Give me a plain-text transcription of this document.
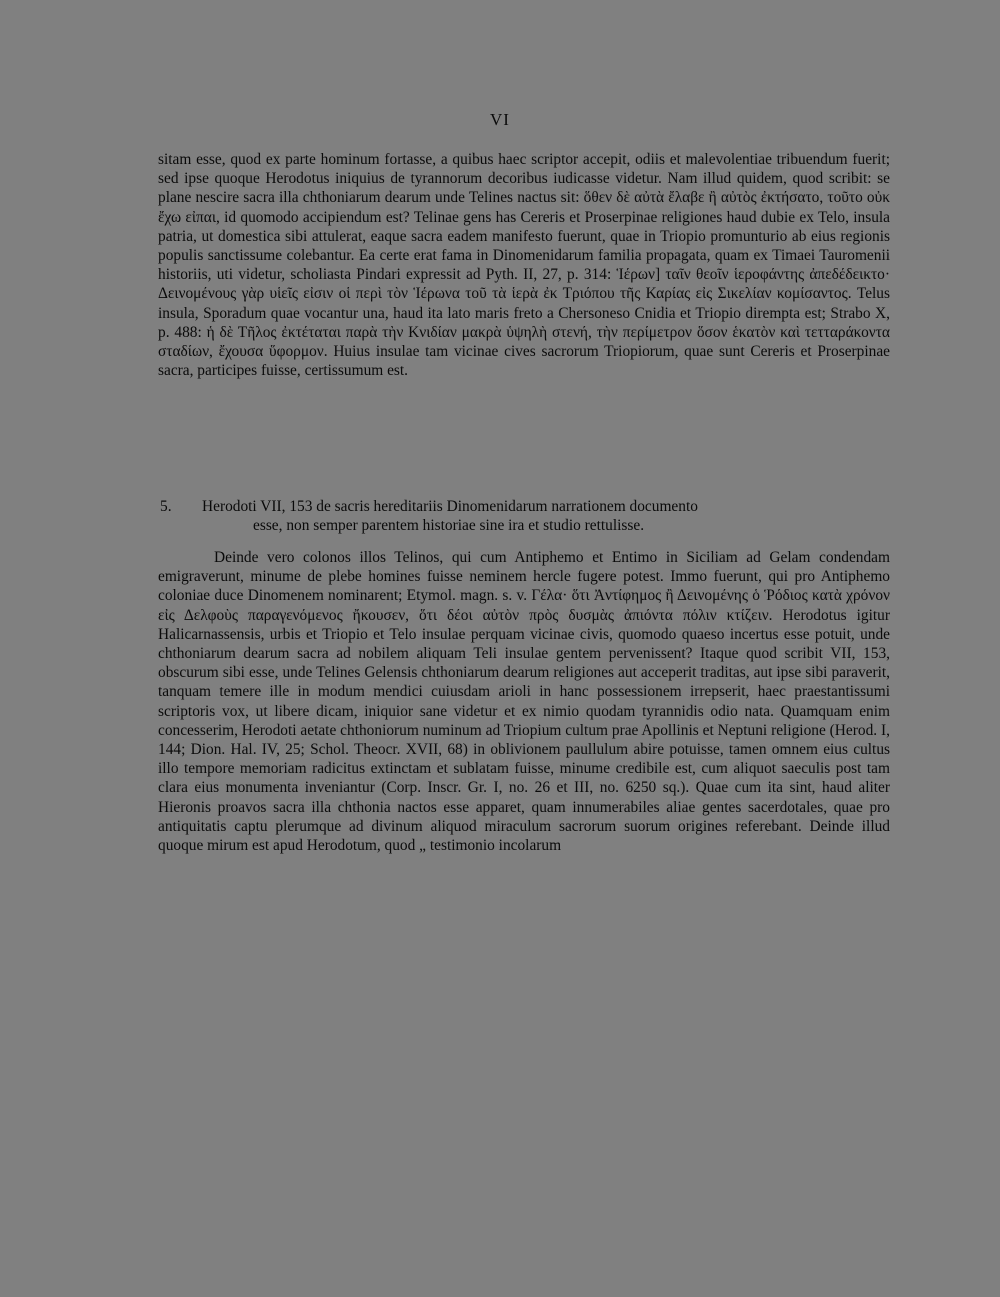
VI

sitam esse, quod ex parte hominum fortasse, a quibus haec scriptor accepit, odiis et malevolentiae tribuendum fuerit; sed ipse quoque Herodotus iniquius de tyrannorum decoribus iudicasse videtur. Nam illud quidem, quod scribit: se plane nescire sacra illa chthoniarum dearum unde Telines nactus sit: ὅθεν δὲ αὐτὰ ἔλαβε ἢ αὐτὸς ἐκτήσατο, τοῦτο οὐκ ἔχω εἰπαι, id quomodo accipiendum est? Telinae gens has Cereris et Proserpinae religiones haud dubie ex Telo, insula patria, ut domestica sibi attulerat, eaque sacra eadem manifesto fuerunt, quae in Triopio promunturio ab eius regionis populis sanctissume colebantur. Ea certe erat fama in Dinomenidarum familia propagata, quam ex Timaei Tauromenii historiis, uti videtur, scholiasta Pindari expressit ad Pyth. II, 27, p. 314: Ἱέρων] ταῖν θεοῖν ἱεροφάντης ἀπεδέδεικτο· Δεινομένους γὰρ υἱεῖς εἰσιν οἱ περὶ τὸν Ἱέρωνα τοῦ τὰ ἱερὰ ἐκ Τριόπου τῆς Καρίας εἰς Σικελίαν κομίσαντος. Telus insula, Sporadum quae vocantur una, haud ita lato maris freto a Chersoneso Cnidia et Triopio dirempta est; Strabo X, p. 488: ἡ δὲ Τῆλος ἐκτέταται παρὰ τὴν Κνιδίαν μακρὰ ὑψηλὴ στενή, τὴν περίμετρον ὅσον ἑκατὸν καὶ τετταράκοντα σταδίων, ἔχουσα ὕφορμον. Huius insulae tam vicinae cives sacrorum Triopiorum, quae sunt Cereris et Proserpinae sacra, participes fuisse, certissumum est.

5. Herodoti VII, 153 de sacris hereditariis Dinomenidarum narrationem documento
esse, non semper parentem historiae sine ira et studio rettulisse.

Deinde vero colonos illos Telinos, qui cum Antiphemo et Entimo in Siciliam ad Gelam condendam emigraverunt, minume de plebe homines fuisse neminem hercle fugere potest. Immo fuerunt, qui pro Antiphemo coloniae duce Dinomenem nominarent; Etymol. magn. s. v. Γέλα· ὅτι Ἀντίφημος ἢ Δεινομένης ὁ Ῥόδιος κατὰ χρόνον εἰς Δελφοὺς παραγενόμενος ἤκουσεν, ὅτι δέοι αὐτὸν πρὸς δυσμὰς ἀπιόντα πόλιν κτίζειν. Herodotus igitur Halicarnassensis, urbis et Triopio et Telo insulae perquam vicinae civis, quomodo quaeso incertus esse potuit, unde chthoniarum dearum sacra ad nobilem aliquam Teli insulae gentem pervenissent? Itaque quod scribit VII, 153, obscurum sibi esse, unde Telines Gelensis chthoniarum dearum religiones aut acceperit traditas, aut ipse sibi paraverit, tanquam temere ille in modum mendici cuiusdam arioli in hanc possessionem irrepserit, haec praestantissumi scriptoris vox, ut libere dicam, iniquior sane videtur et ex nimio quodam tyrannidis odio nata. Quamquam enim concesserim, Herodoti aetate chthoniorum numinum ad Triopium cultum prae Apollinis et Neptuni religione (Herod. I, 144; Dion. Hal. IV, 25; Schol. Theocr. XVII, 68) in oblivionem paullulum abire potuisse, tamen omnem eius cultus illo tempore memoriam radicitus extinctam et sublatam fuisse, minume credibile est, cum aliquot saeculis post tam clara eius monumenta inveniantur (Corp. Inscr. Gr. I, no. 26 et III, no. 6250 sq.). Quae cum ita sint, haud aliter Hieronis proavos sacra illa chthonia nactos esse apparet, quam innumerabiles aliae gentes sacerdotales, quae pro antiquitatis captu plerumque ad divinum aliquod miraculum sacrorum suorum origines referebant. Deinde illud quoque mirum est apud Herodotum, quod „ testimonio incolarum
